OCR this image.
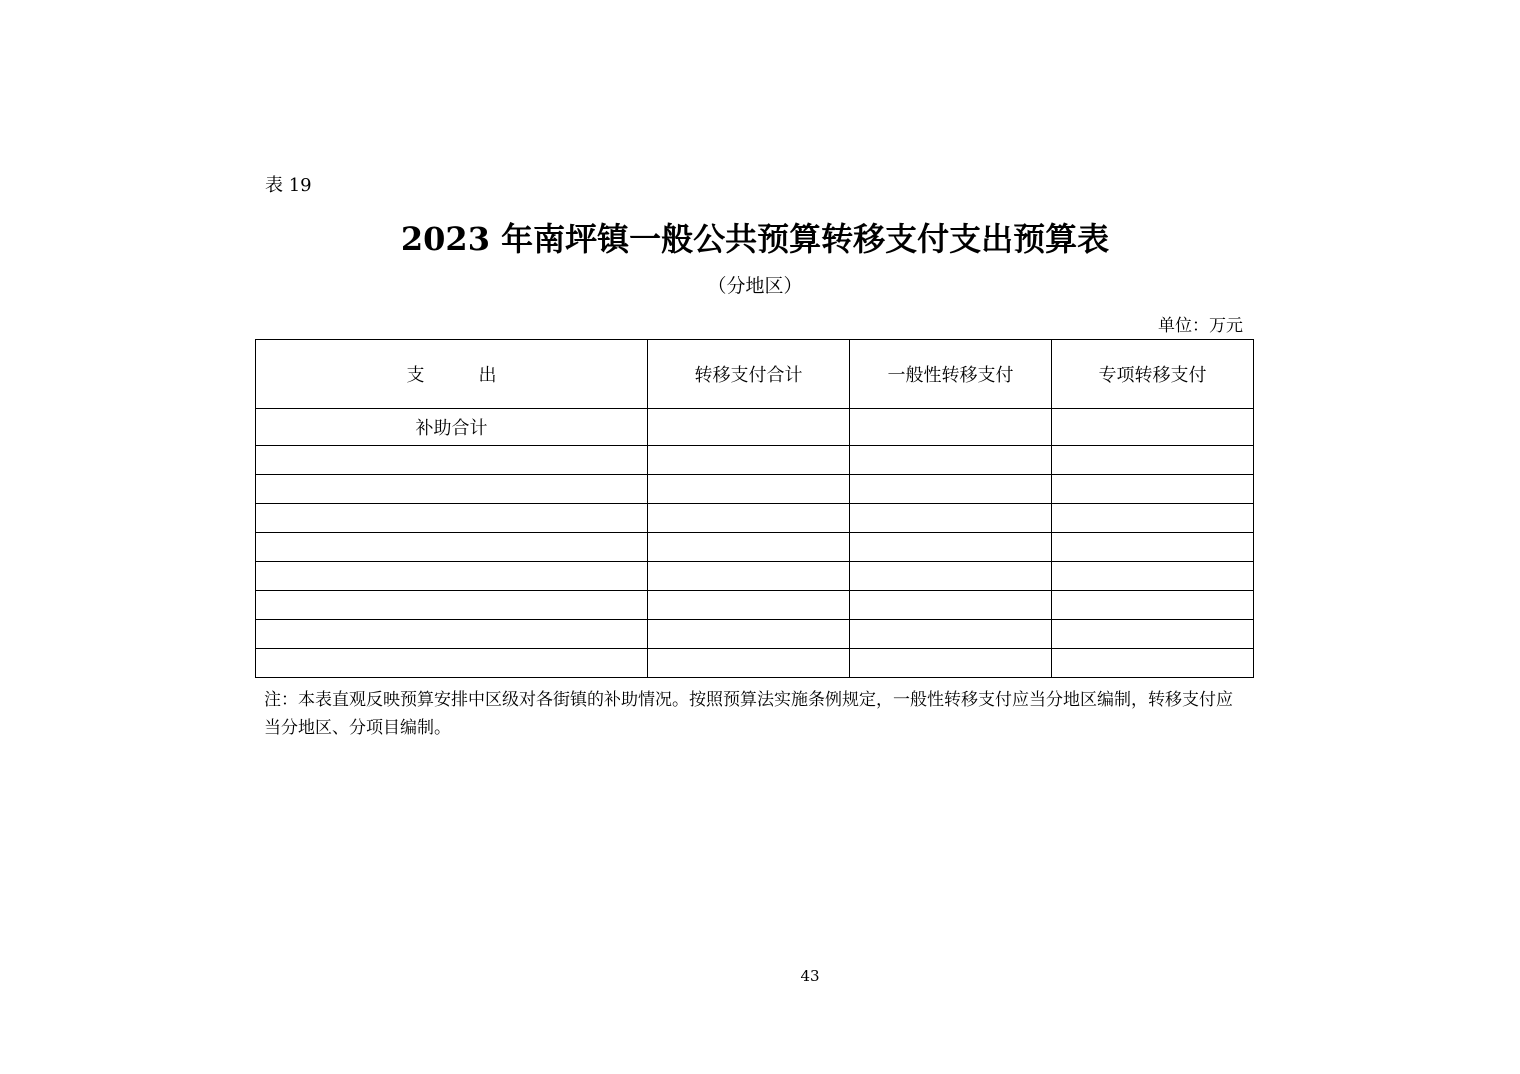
表 19
2023 年南坪镇一般公共预算转移支付支出预算表
（分地区）
单位：万元
支　　　出	转移支付合计	一般性转移支付	专项转移支付
补助合计			

注：本表直观反映预算安排中区级对各街镇的补助情况。按照预算法实施条例规定，一般性转移支付应当分地区编制，转移支付应当分地区、分项目编制。
43
